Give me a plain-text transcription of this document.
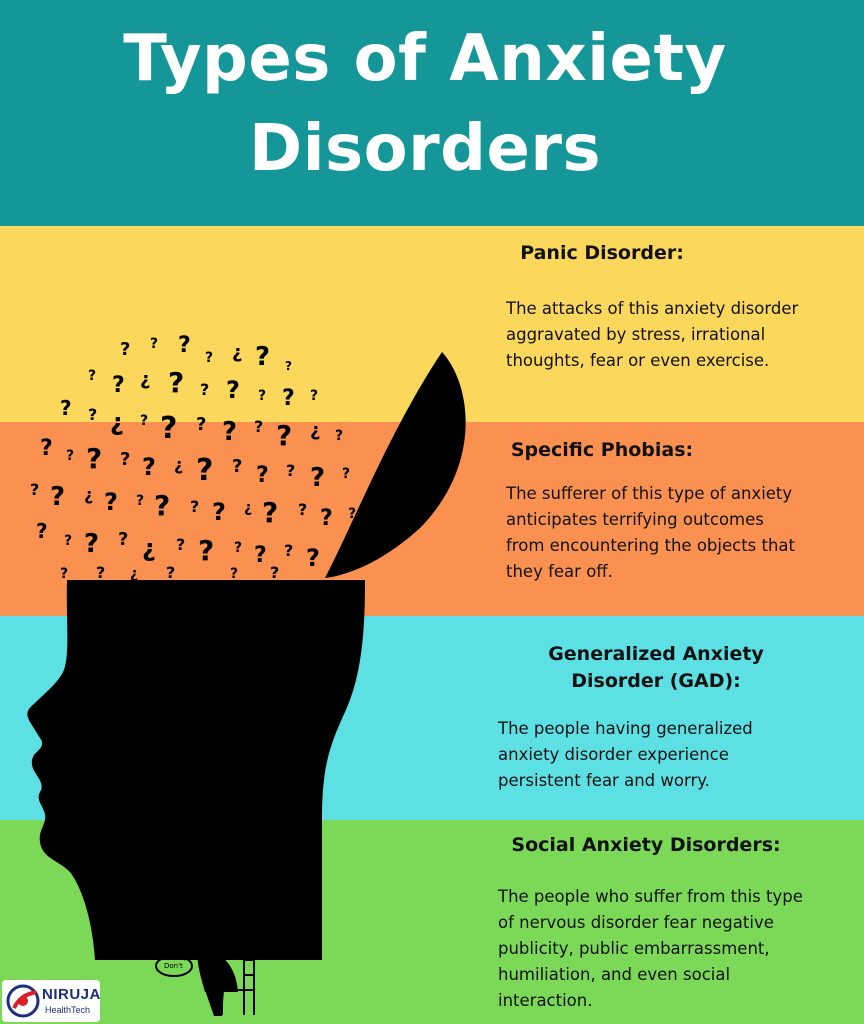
Types of Anxiety Disorders
Panic Disorder:
The attacks of this anxiety disorder aggravated by stress, irrational thoughts, fear or even exercise.
Specific Phobias:
The sufferer of this type of anxiety anticipates terrifying outcomes from encountering the objects that they fear off.
Generalized Anxiety Disorder (GAD):
The people having generalized anxiety disorder experience persistent fear and worry.
Social Anxiety Disorders:
The people who suffer from this type of nervous disorder fear negative publicity, public embarrassment, humiliation, and even social interaction.
? ? ? ? ¿ ? ?
? ? ¿ ? ? ? ? ? ?
? ? ¿ ? ? ? ? ? ? ¿ ?
? ? ? ? ? ¿ ? ? ? ? ? ?
? ? ¿ ? ? ? ? ? ¿ ? ? ? ?
? ? ? ? ¿ ? ? ? ? ? ?
? ? ¿ ?	? ?
What if...
Can't	How?
No
Bad...
Don't
NIRUJA
HealthTech
